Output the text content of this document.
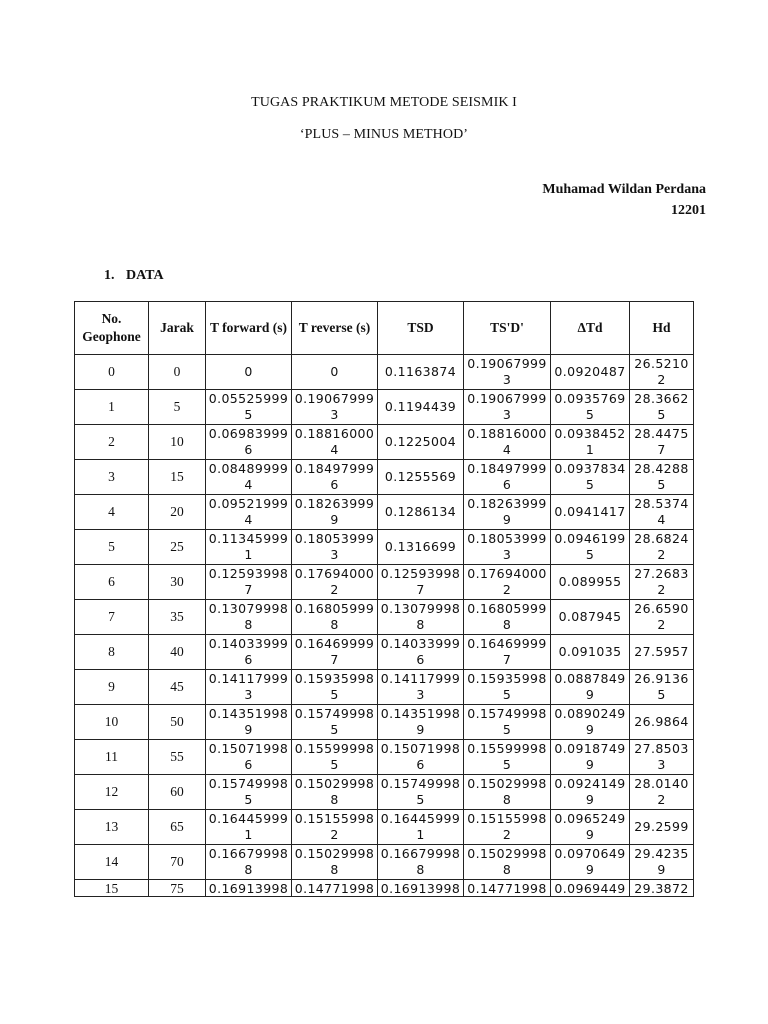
TUGAS PRAKTIKUM METODE SEISMIK I
‘PLUS – MINUS METHOD’
Muhamad Wildan Perdana
12201
1. DATA
No. Geophone	Jarak	T forward (s)	T reverse (s)	TSD	TS'D'	ΔTd	Hd
0	0	0	0	0.1163874	0.190679993	0.0920487	26.52102
1	5	0.055259995	0.190679993	0.1194439	0.190679993	0.0935769 5	28.36625
2	10	0.069839996	0.188160004	0.1225004	0.188160004	0.0938452 1	28.44757
3	15	0.084899994	0.184979996	0.1255569	0.184979996	0.0937834 5	28.42885
4	20	0.095219994	0.182639999	0.1286134	0.182639999	0.0941417	28.53744
5	25	0.113459991	0.180539993	0.1316699	0.180539993	0.0946199 5	28.68242
6	30	0.125939987	0.176940002	0.125939987	0.176940002	0.089955	27.26832
7	35	0.130799988	0.168059998	0.130799988	0.168059998	0.087945	26.65902
8	40	0.140339996	0.164699997	0.140339996	0.164699997	0.091035	27.5957
9	45	0.141179993	0.159359985	0.141179993	0.159359985	0.0887849 9	26.91365
10	50	0.143519989	0.157499985	0.143519989	0.157499985	0.0890249 9	26.9864
11	55	0.150719986	0.155999985	0.150719986	0.155999985	0.0918749 9	27.85033
12	60	0.157499985	0.150299988	0.157499985	0.150299988	0.0924149 9	28.01402
13	65	0.164459991	0.151559982	0.164459991	0.151559982	0.0965249 9	29.2599
14	70	0.166799988	0.150299988	0.166799988	0.150299988	0.0970649 9	29.42359
15	75	0.16913998	0.14771998	0.16913998	0.14771998	0.0969449	29.3872
